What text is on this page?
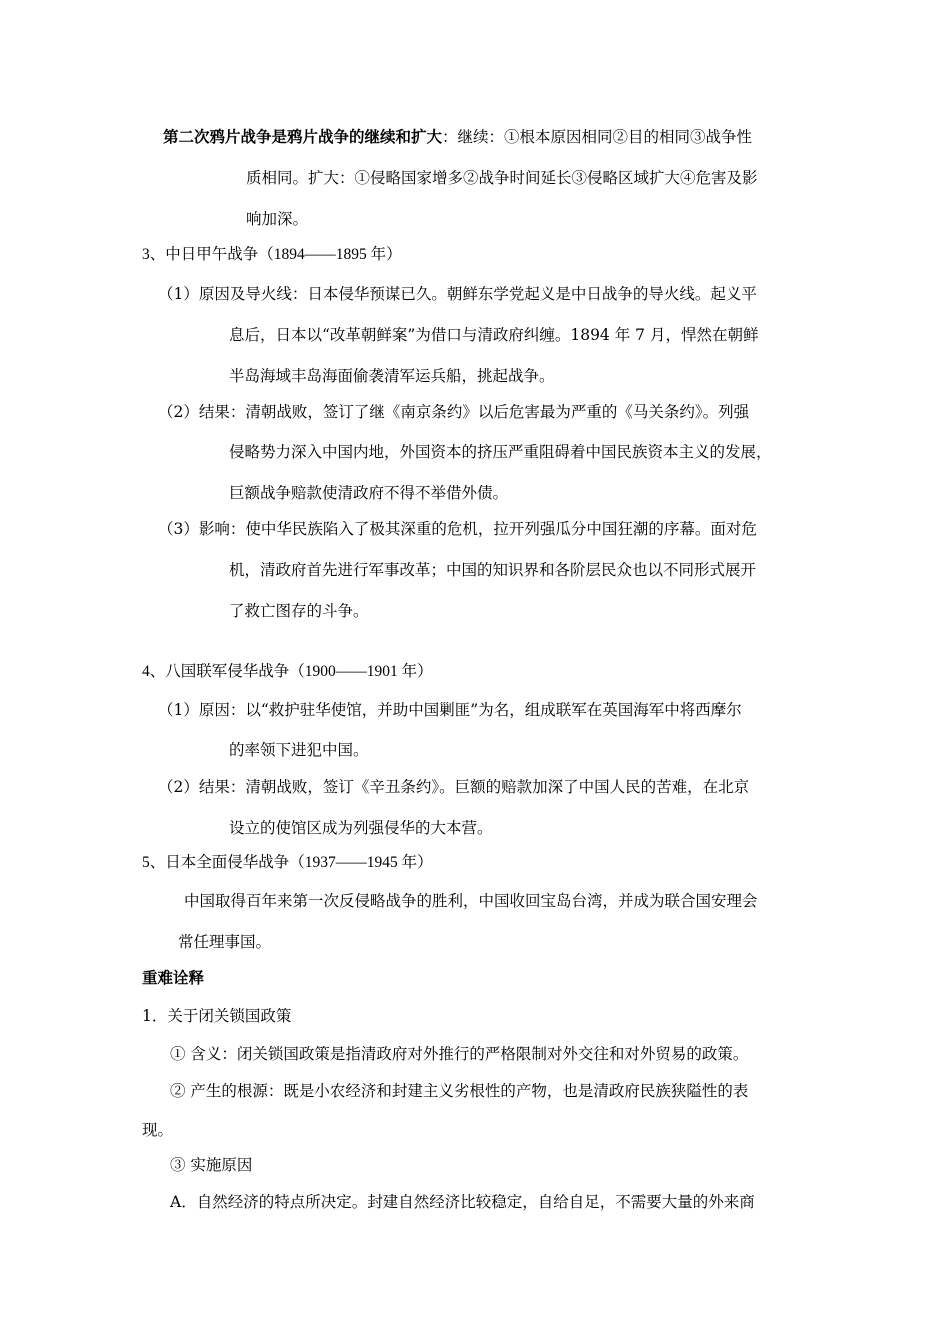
第二次鸦片战争是鸦片战争的继续和扩大：继续：①根本原因相同②目的相同③战争性
质相同。扩大：①侵略国家增多②战争时间延长③侵略区域扩大④危害及影
响加深。
3、中日甲午战争（1894——1895 年）
（1）原因及导火线：日本侵华预谋已久。朝鲜东学党起义是中日战争的导火线。起义平
息后，日本以“改革朝鲜案”为借口与清政府纠缠。1894 年 7 月，悍然在朝鲜
半岛海域丰岛海面偷袭清军运兵船，挑起战争。
（2）结果：清朝战败，签订了继《南京条约》以后危害最为严重的《马关条约》。列强
侵略势力深入中国内地，外国资本的挤压严重阻碍着中国民族资本主义的发展，
巨额战争赔款使清政府不得不举借外债。
（3）影响：使中华民族陷入了极其深重的危机，拉开列强瓜分中国狂潮的序幕。面对危
机，清政府首先进行军事改革；中国的知识界和各阶层民众也以不同形式展开
了救亡图存的斗争。
4、八国联军侵华战争（1900——1901 年）
（1）原因：以“救护驻华使馆，并助中国剿匪”为名，组成联军在英国海军中将西摩尔
的率领下进犯中国。
（2）结果：清朝战败，签订《辛丑条约》。巨额的赔款加深了中国人民的苦难，在北京
设立的使馆区成为列强侵华的大本营。
5、日本全面侵华战争（1937——1945 年）
中国取得百年来第一次反侵略战争的胜利，中国收回宝岛台湾，并成为联合国安理会
常任理事国。
重难诠释
1．关于闭关锁国政策
① 含义：闭关锁国政策是指清政府对外推行的严格限制对外交往和对外贸易的政策。
② 产生的根源：既是小农经济和封建主义劣根性的产物，也是清政府民族狭隘性的表
现。
③ 实施原因
A．自然经济的特点所决定。封建自然经济比较稳定，自给自足，不需要大量的外来商
